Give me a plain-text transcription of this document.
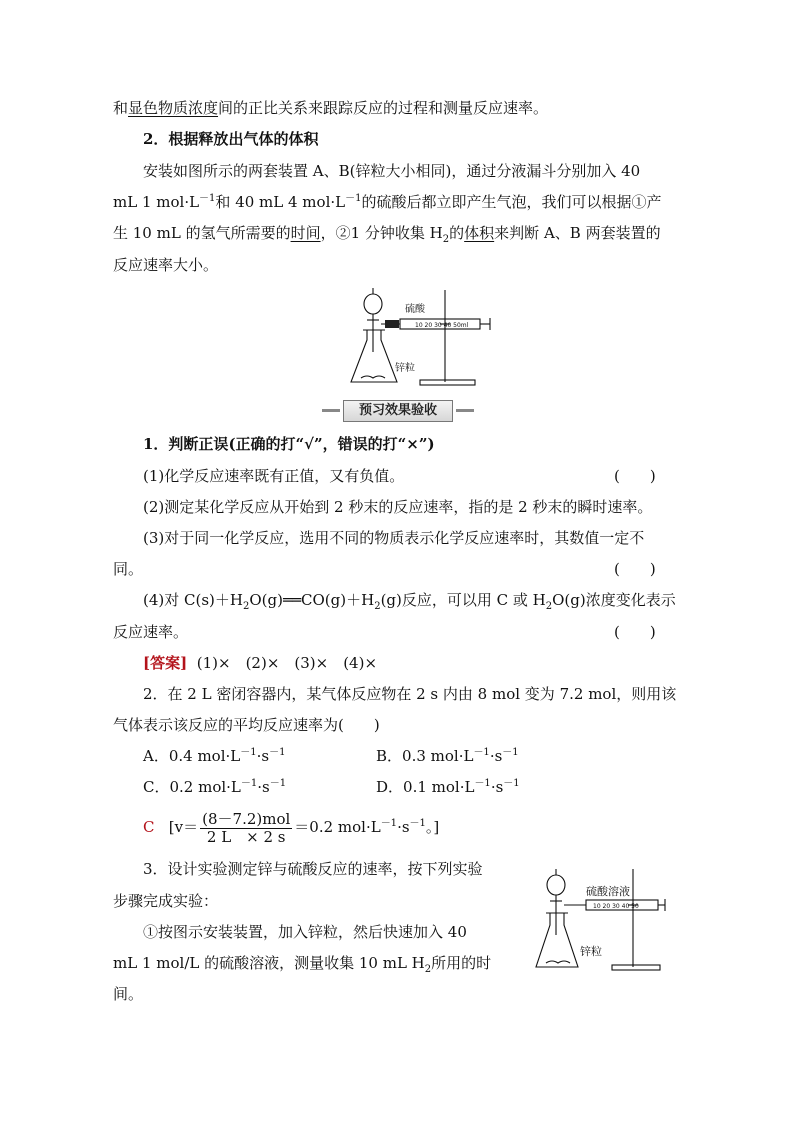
和显色物质浓度间的正比关系来跟踪反应的过程和测量反应速率。
2．根据释放出气体的体积
安装如图所示的两套装置 A、B(锌粒大小相同)，通过分液漏斗分别加入 40
mL 1 $mol\cdot L^{-1}$和 40 mL 4 $mol\cdot L^{-1}$的硫酸后都立即产生气泡，我们可以根据①产
生 10 mL 的氢气所需要的时间，②1 分钟收集 $H_2$的体积来判断 A、B 两套装置的
反应速率大小。
硫酸
锌粒
10 20 30 40 50ml
预习效果验收
1．判断正误(正确的打“√”，错误的打“×”)
(1)化学反应速率既有正值，又有负值。	(　　)
(2)测定某化学反应从开始到 2 秒末的反应速率，指的是 2 秒末的瞬时速率。
(3)对于同一化学反应，选用不同的物质表示化学反应速率时，其数值一定不
同。	(　　)
(4)对 $C(s)+H_2O(g)══CO(g)+H_2(g)$反应，可以用 C 或 $H_2O(g)$浓度变化表示
反应速率。	(　　)
[答案] (1)×　(2)×　(3)×　(4)×
2．在 2 L 密闭容器内，某气体反应物在 2 s 内由 8 mol 变为 7.2 mol，则用该
气体表示该反应的平均反应速率为(　　)
A．0.4 $mol\cdot L^{-1}\cdot s^{-1}$	B．0.3 $mol\cdot L^{-1}\cdot s^{-1}$
C．0.2 $mol\cdot L^{-1}\cdot s^{-1}$	D．0.1 $mol\cdot L^{-1}\cdot s^{-1}$
C [$v= \frac{\text{(8－7.2)mol}}{2 L \times 2 s} =0.2$ $mol\cdot L^{-1}\cdot s^{-1}$。]
3．设计实验测定锌与硫酸反应的速率，按下列实验
步骤完成实验：
①按图示安装装置，加入锌粒，然后快速加入 40
mL 1 mol/L 的硫酸溶液，测量收集 10 mL $H_2$所用的时
间。
硫酸溶液
锌粒
10 20 30 40 50
